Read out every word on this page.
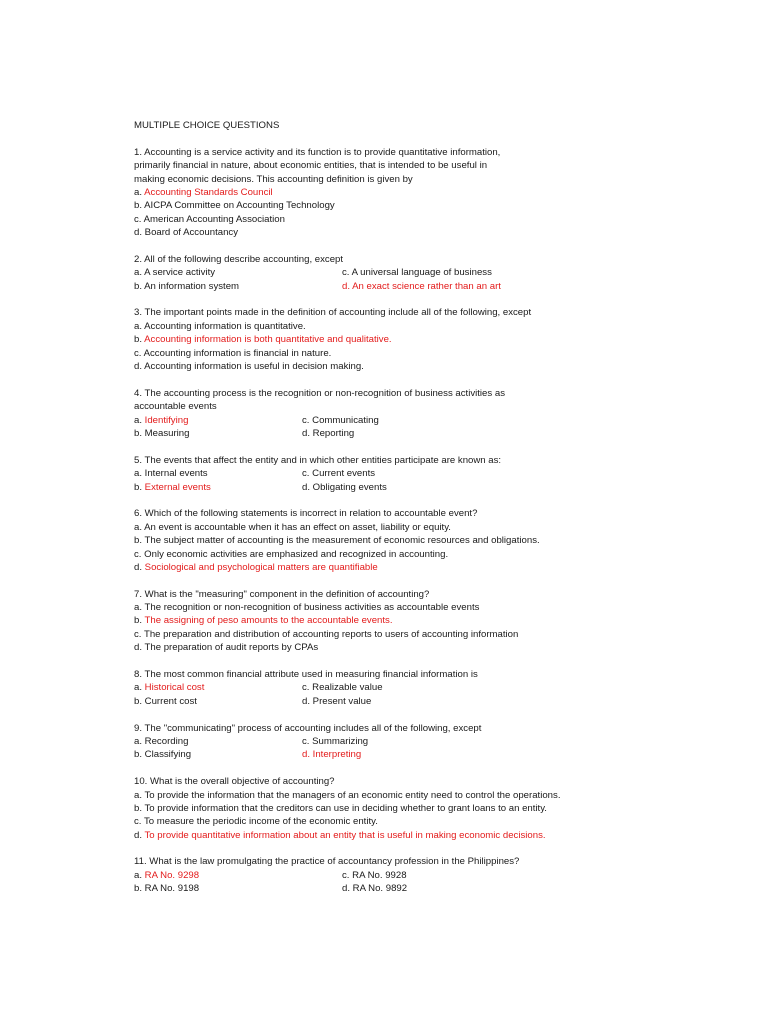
MULTIPLE CHOICE QUESTIONS
1. Accounting is a service activity and its function is to provide quantitative information,
primarily financial in nature, about economic entities, that is intended to be useful in
making economic decisions. This accounting definition is given by
a. Accounting Standards Council
b. AICPA Committee on Accounting Technology
c. American Accounting Association
d. Board of Accountancy
2. All of the following describe accounting, except
a. A service activity	c. A universal language of business
b. An information system	d. An exact science rather than an art
3. The important points made in the definition of accounting include all of the following, except
a. Accounting information is quantitative.
b. Accounting information is both quantitative and qualitative.
c. Accounting information is financial in nature.
d. Accounting information is useful in decision making.
4. The accounting process is the recognition or non-recognition of business activities as
accountable events
a. Identifying	c. Communicating
b. Measuring	d. Reporting
5. The events that affect the entity and in which other entities participate are known as:
a. Internal events	c. Current events
b. External events	d. Obligating events
6. Which of the following statements is incorrect in relation to accountable event?
a. An event is accountable when it has an effect on asset, liability or equity.
b. The subject matter of accounting is the measurement of economic resources and obligations.
c. Only economic activities are emphasized and recognized in accounting.
d. Sociological and psychological matters are quantifiable
7. What is the "measuring" component in the definition of accounting?
a. The recognition or non-recognition of business activities as accountable events
b. The assigning of peso amounts to the accountable events.
c. The preparation and distribution of accounting reports to users of accounting information
d. The preparation of audit reports by CPAs
8. The most common financial attribute used in measuring financial information is
a. Historical cost	c. Realizable value
b. Current cost	d. Present value
9. The "communicating" process of accounting includes all of the following, except
a. Recording	c. Summarizing
b. Classifying	d. Interpreting
10. What is the overall objective of accounting?
a. To provide the information that the managers of an economic entity need to control the operations.
b. To provide information that the creditors can use in deciding whether to grant loans to an entity.
c. To measure the periodic income of the economic entity.
d. To provide quantitative information about an entity that is useful in making economic decisions.
11. What is the law promulgating the practice of accountancy profession in the Philippines?
a. RA No. 9298	c. RA No. 9928
b. RA No. 9198	d. RA No. 9892
